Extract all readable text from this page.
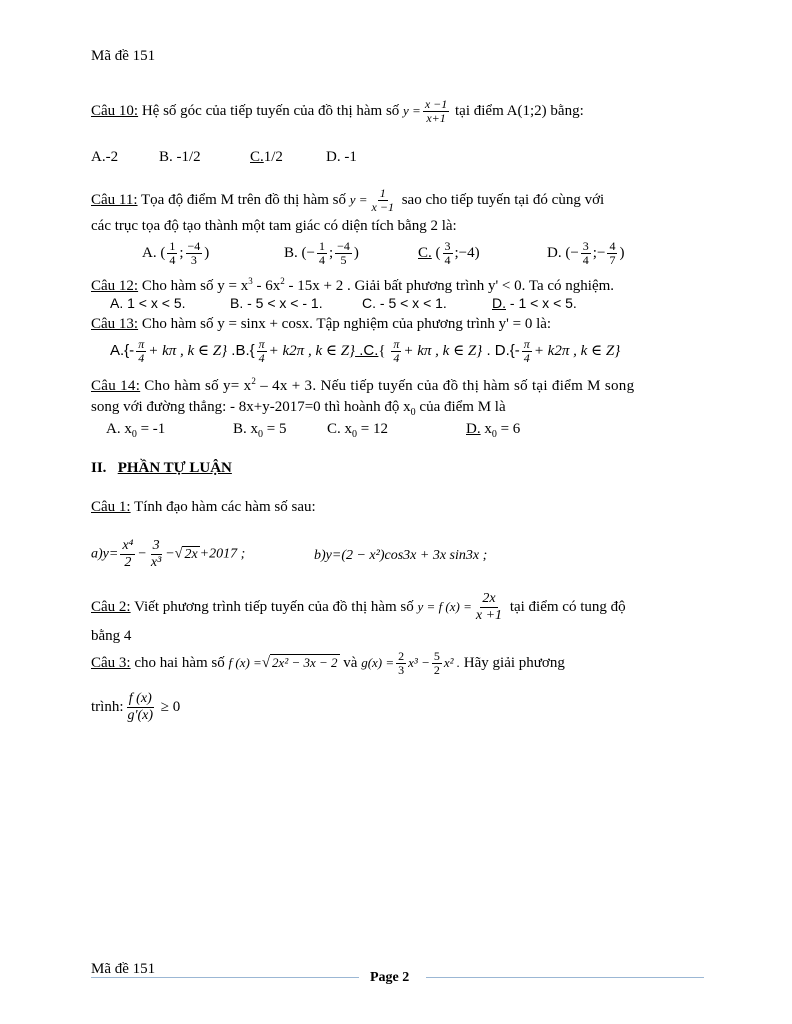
Mã đề 151
Câu 10: Hệ số góc của tiếp tuyến của đồ thị hàm số $y = \frac{x -1}{x+1}$ tại điểm A(1;2) bằng:
A.-2	B. -1/2	C.1/2	D. -1
Câu 11: Tọa độ điểm M trên đồ thị hàm số $y = \frac{1}{x -1}$ sao cho tiếp tuyến tại đó cùng với
các trục tọa độ tạo thành một tam giác có diện tích bằng 2 là:
A. ( $\frac{1}{4}$ ; $\frac{-4}{3}$ )	B. (− $\frac{1}{4}$ ; $\frac{-4}{5}$ )	C. ( $\frac{3}{4}$ ;−4)	D. (− $\frac{3}{4}$ ;− $\frac{4}{7}$ )
Câu 12: Cho hàm số $y = x^3 - 6x^2 - 15x + 2$ . Giải bất phương trình y' < 0. Ta có nghiệm.
A. 1 < x < 5.	B. - 5 < x < - 1.	C. - 5 < x < 1.	D. - 1 < x < 5.
Câu 13: Cho hàm số y = sinx + cosx. Tập nghiệm của phương trình y' = 0 là:
$A.\{- \frac{\pi}{4} + k\pi$ , k ∈ Z} $.B.\{ \frac{\pi}{4} + k2\pi$ , k ∈ Z} $.C.\{ \frac{\pi}{4} + k\pi$ , k ∈ Z} . $D.\{- \frac{\pi}{4} + k2\pi$ , k ∈ Z}
Câu 14: Cho hàm số $y= x^2 - 4x + 3$. Nếu tiếp tuyến của đồ thị hàm số tại điểm M song
song với đường thẳng: - 8x+y-2017=0 thì hoành độ $x_0$ của điểm M là
A. $x_0 = -1$	B. $x_0 = 5$	C. $x_0 = 12$	D. $x_0 = 6$
II. PHẦN TỰ LUẬN
Câu 1: Tính đạo hàm các hàm số sau:
$a)y= \frac{\text{x⁴}}{2} - \frac{3}{\text{x³}}$ −√ 2x +2017 ;	b)y=(2 − x²)cos3x + 3x sin3x ;
Câu 2: Viết phương trình tiếp tuyến của đồ thị hàm số y = f $(x) = \frac{2x}{x +1}$ tại điểm có tung độ
bằng 4
Câu 3: cho hai hàm số f (x) =√ 2x² − 3x − 2 và $g(x) = \frac{2}{3} x^3 - \frac{5}{2} x^2$ . Hãy giải phương
trình: $\frac{f (x)}{g'(x)} \ge 0$
Mã đề 151
Page 2
